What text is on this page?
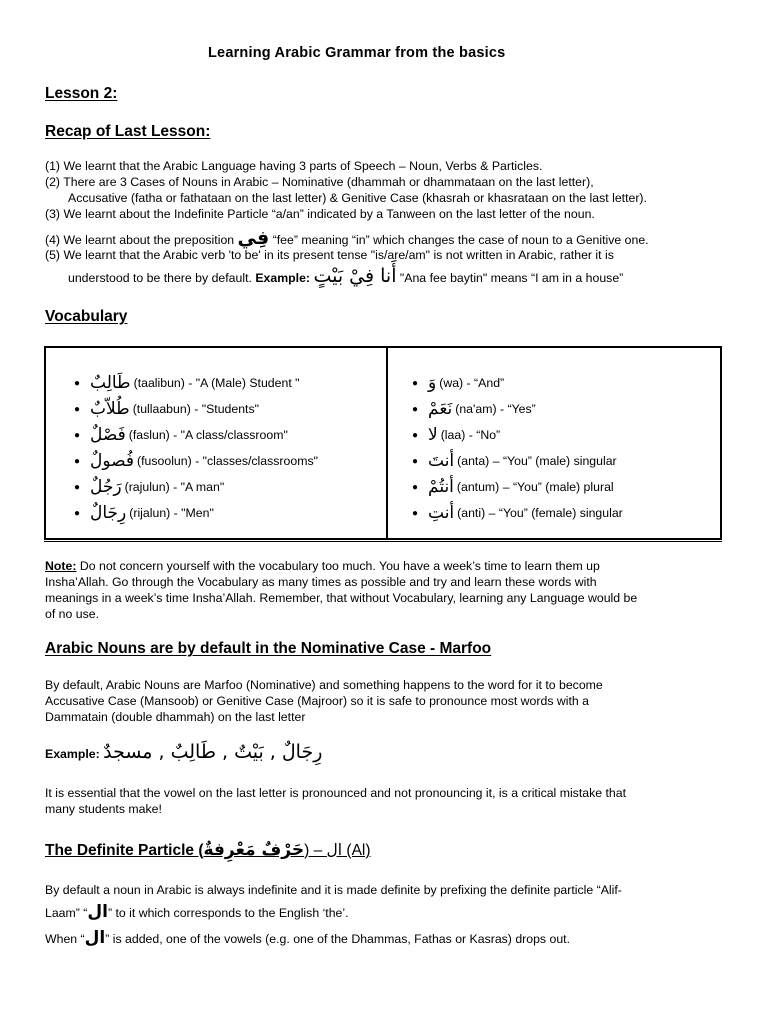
Learning Arabic Grammar from the basics
Lesson 2:
Recap of Last Lesson:
(1) We learnt that the Arabic Language having 3 parts of Speech – Noun, Verbs & Particles.
(2) There are 3 Cases of Nouns in Arabic – Nominative (dhammah or dhammataan on the last letter),
Accusative (fatha or fathataan on the last letter) & Genitive Case (khasrah or khasrataan on the last letter).
(3) We learnt about the Indefinite Particle “a/an” indicated by a Tanween on the last letter of the noun.
(4) We learnt about the preposition فِي “fee” meaning “in” which changes the case of noun to a Genitive one.
(5) We learnt that the Arabic verb 'to be' in its present tense "is/are/am" is not written in Arabic, rather it is
understood to be there by default. Example: أَنا فِيْ بَيْتٍ "Ana fee baytin" means “I am in a house”
Vocabulary
● طَالِبٌ (taalibun) - "A (Male) Student "
● طُلاّبٌ (tullaabun) - "Students"
● فَصْلٌ (faslun) - "A class/classroom"
● فُصولٌ (fusoolun) - "classes/classrooms"
● رَجُلٌ (rajulun) - "A man"
● رِجَالٌ (rijalun) - "Men"
● وَ (wa) - “And”
● نَعَمْ (na'am) - “Yes”
● لا (laa) - “No”
● أنتَ (anta) – “You” (male) singular
● أنتُمْ (antum) – “You” (male) plural
● أنتِ (anti) – “You” (female) singular
Note: Do not concern yourself with the vocabulary too much. You have a week’s time to learn them up
Insha’Allah. Go through the Vocabulary as many times as possible and try and learn these words with
meanings in a week’s time Insha’Allah. Remember, that without Vocabulary, learning any Language would be
of no use.
Arabic Nouns are by default in the Nominative Case - Marfoo
By default, Arabic Nouns are Marfoo (Nominative) and something happens to the word for it to become
Accusative Case (Mansoob) or Genitive Case (Majroor) so it is safe to pronounce most words with a
Dammatain (double dhammah) on the last letter
Example: رِجَالٌ , بَيْتٌ , طَالِبٌ , مسجدٌ
It is essential that the vowel on the last letter is pronounced and not pronouncing it, is a critical mistake that
many students make!
The Definite Particle (حَرْفٌ مَعْرِفةٌ) – ال (Al)
By default a noun in Arabic is always indefinite and it is made definite by prefixing the definite particle “Alif-
Laam” “ال” to it which corresponds to the English ‘the’.
When “ال” is added, one of the vowels (e.g. one of the Dhammas, Fathas or Kasras) drops out.
